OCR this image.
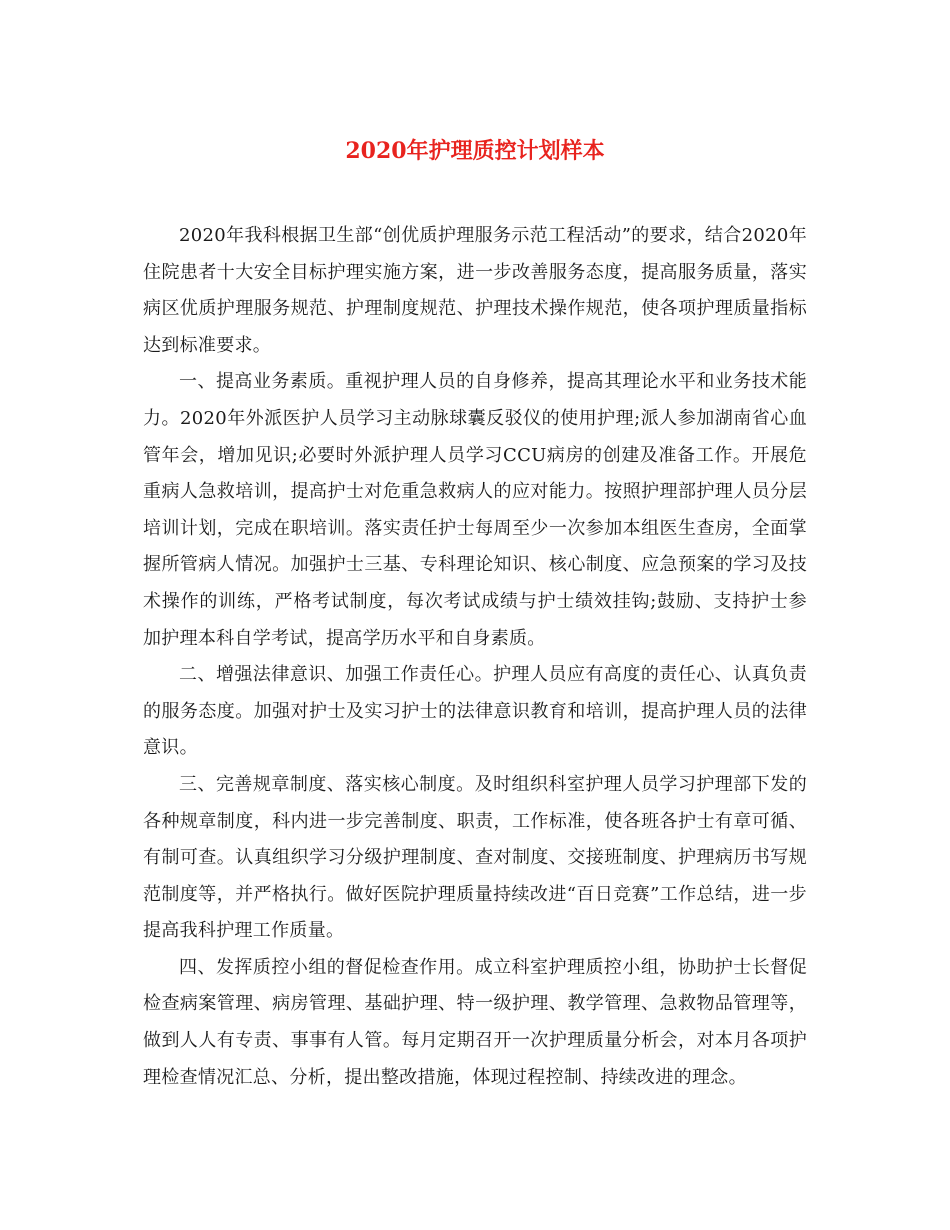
2020年护理质控计划样本

2020年我科根据卫生部“创优质护理服务示范工程活动”的要求，结合2020年住院患者十大安全目标护理实施方案，进一步改善服务态度，提高服务质量，落实病区优质护理服务规范、护理制度规范、护理技术操作规范，使各项护理质量指标达到标准要求。

一、提高业务素质。重视护理人员的自身修养，提高其理论水平和业务技术能力。2020年外派医护人员学习主动脉球囊反驳仪的使用护理;派人参加湖南省心血管年会，增加见识;必要时外派护理人员学习CCU病房的创建及准备工作。开展危重病人急救培训，提高护士对危重急救病人的应对能力。按照护理部护理人员分层培训计划，完成在职培训。落实责任护士每周至少一次参加本组医生查房，全面掌握所管病人情况。加强护士三基、专科理论知识、核心制度、应急预案的学习及技术操作的训练，严格考试制度，每次考试成绩与护士绩效挂钩;鼓励、支持护士参加护理本科自学考试，提高学历水平和自身素质。

二、增强法律意识、加强工作责任心。护理人员应有高度的责任心、认真负责的服务态度。加强对护士及实习护士的法律意识教育和培训，提高护理人员的法律意识。

三、完善规章制度、落实核心制度。及时组织科室护理人员学习护理部下发的各种规章制度，科内进一步完善制度、职责，工作标准，使各班各护士有章可循、有制可查。认真组织学习分级护理制度、查对制度、交接班制度、护理病历书写规范制度等，并严格执行。做好医院护理质量持续改进“百日竞赛”工作总结，进一步提高我科护理工作质量。

四、发挥质控小组的督促检查作用。成立科室护理质控小组，协助护士长督促检查病案管理、病房管理、基础护理、特一级护理、教学管理、急救物品管理等，做到人人有专责、事事有人管。每月定期召开一次护理质量分析会，对本月各项护理检查情况汇总、分析，提出整改措施，体现过程控制、持续改进的理念。
